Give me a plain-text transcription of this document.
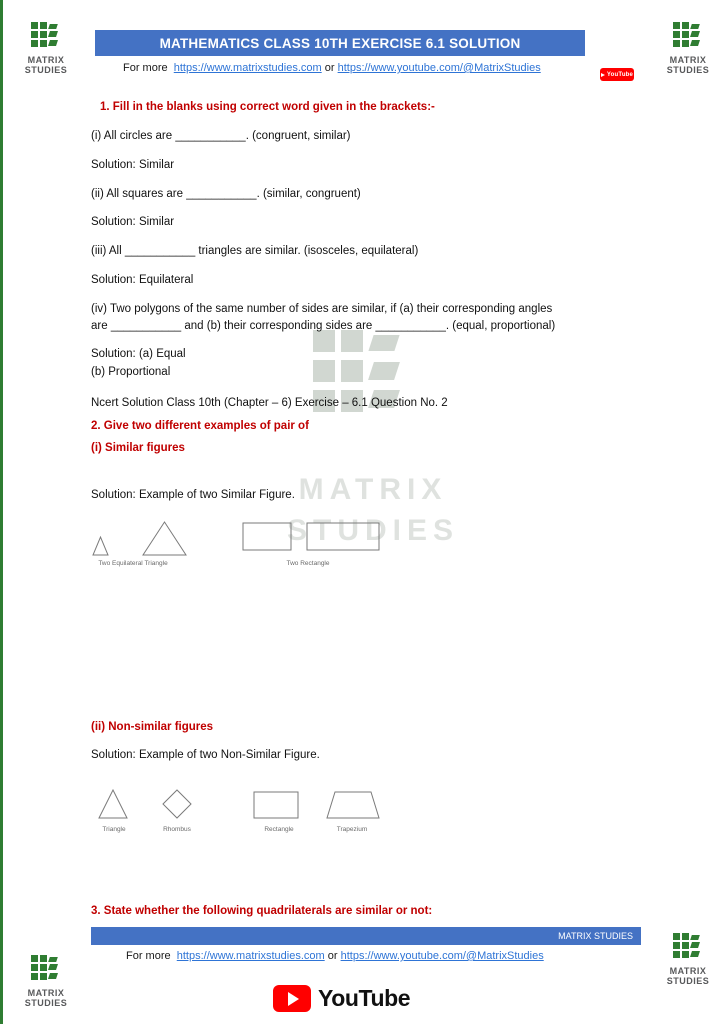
MATRIX STUDIES
MATRIX STUDIES
MATHEMATICS CLASS 10TH EXERCISE 6.1 SOLUTION
For more https://www.matrixstudies.com or https://www.youtube.com/@MatrixStudies
YouTube
MATRIX
STUDIES
1. Fill in the blanks using correct word given in the brackets:-
(i) All circles are ___________. (congruent, similar)
Solution: Similar
(ii) All squares are ___________. (similar, congruent)
Solution: Similar
(iii) All ___________ triangles are similar. (isosceles, equilateral)
Solution: Equilateral
(iv) Two polygons of the same number of sides are similar, if (a) their corresponding angles
are ___________ and (b) their corresponding sides are ___________. (equal, proportional)
Solution: (a) Equal
(b) Proportional
Ncert Solution Class 10th (Chapter – 6) Exercise – 6.1 Question No. 2
2. Give two different examples of pair of
(i) Similar figures
Solution: Example of two Similar Figure.
Two Equilateral Triangle	Two Rectangle
(ii) Non-similar figures
Solution: Example of two Non-Similar Figure.
Triangle	Rhombus	Rectangle	Trapezium
3. State whether the following quadrilaterals are similar or not:
MATRIX STUDIES
For more https://www.matrixstudies.com or https://www.youtube.com/@MatrixStudies
MATRIX STUDIES
MATRIX STUDIES
YouTube
